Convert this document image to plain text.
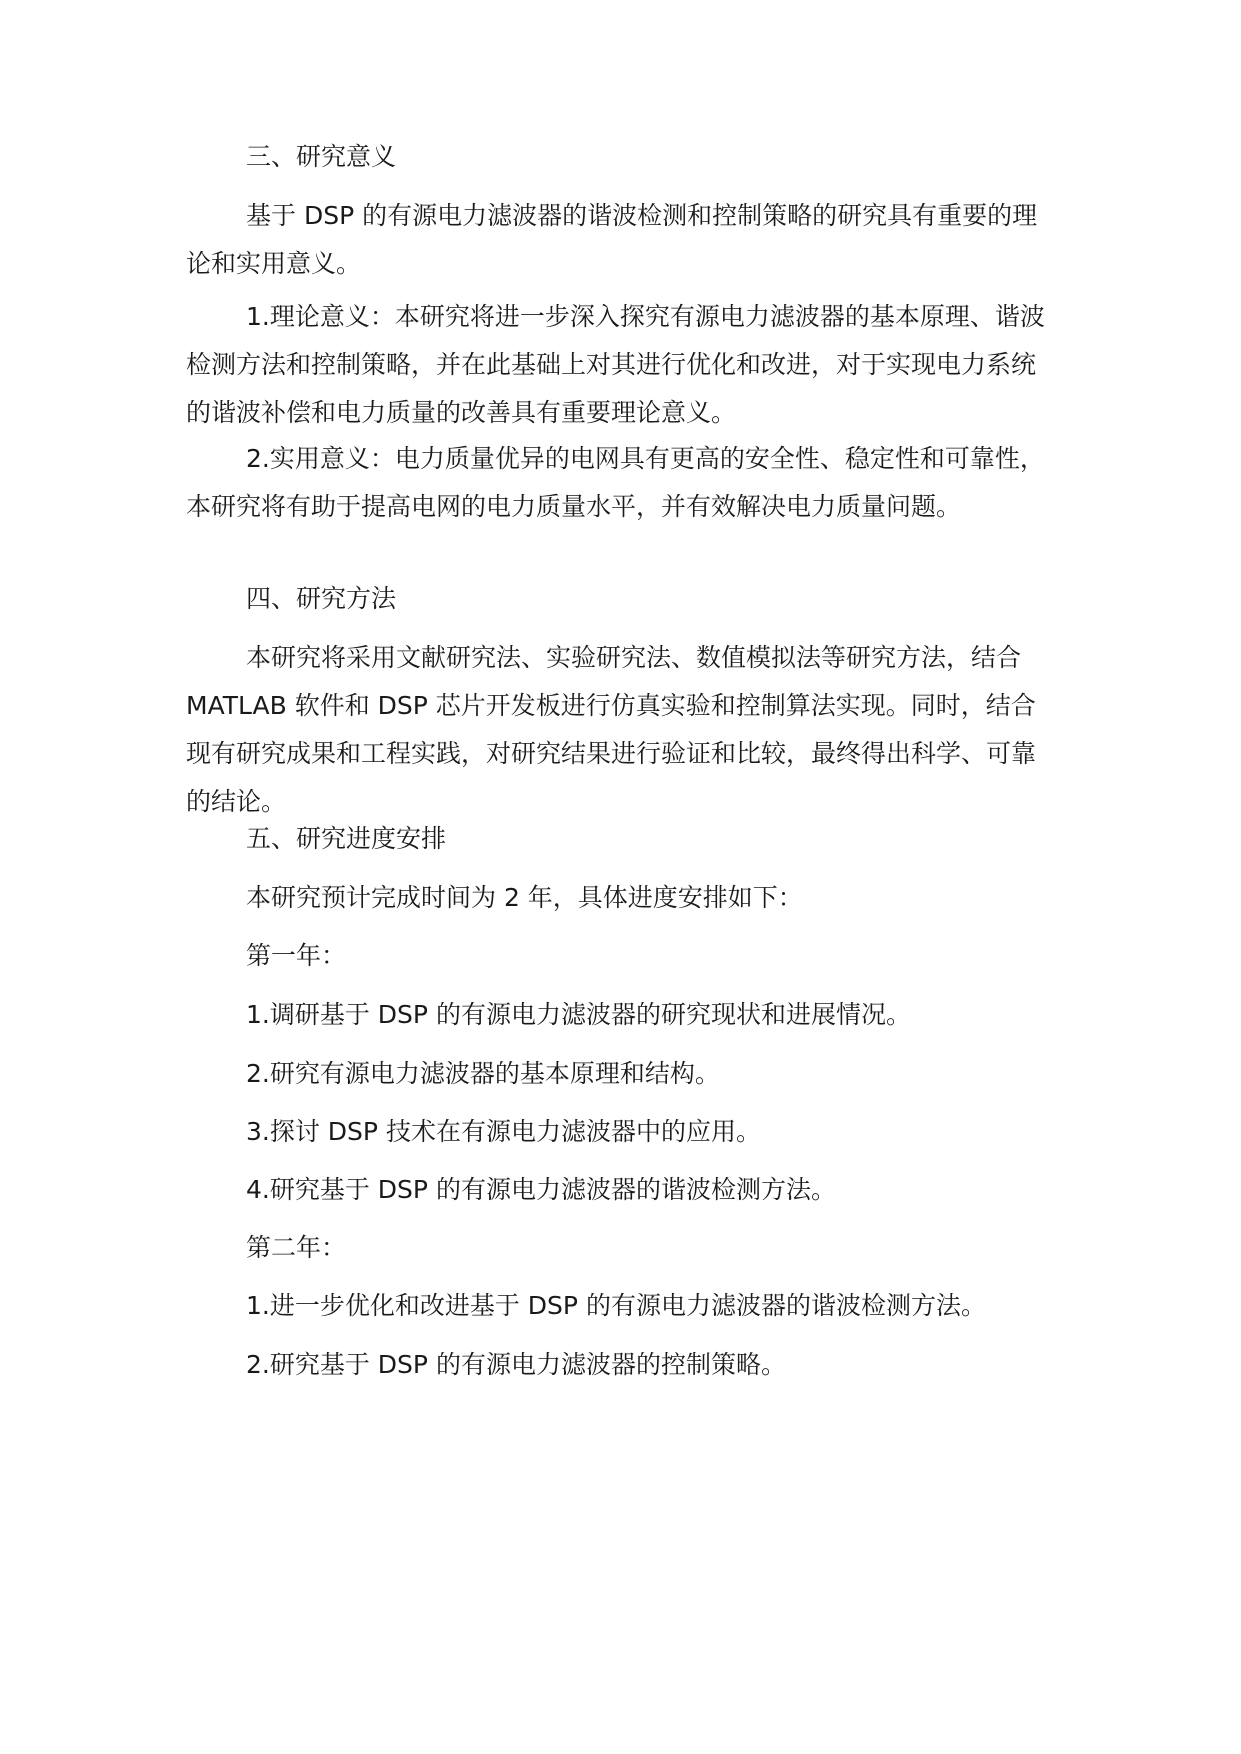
三、研究意义

基于 DSP 的有源电力滤波器的谐波检测和控制策略的研究具有重要的理论和实用意义。

1.理论意义：本研究将进一步深入探究有源电力滤波器的基本原理、谐波检测方法和控制策略，并在此基础上对其进行优化和改进，对于实现电力系统的谐波补偿和电力质量的改善具有重要理论意义。

2.实用意义：电力质量优异的电网具有更高的安全性、稳定性和可靠性，本研究将有助于提高电网的电力质量水平，并有效解决电力质量问题。

四、研究方法

本研究将采用文献研究法、实验研究法、数值模拟法等研究方法，结合 MATLAB 软件和 DSP 芯片开发板进行仿真实验和控制算法实现。同时，结合现有研究成果和工程实践，对研究结果进行验证和比较，最终得出科学、可靠的结论。

五、研究进度安排

本研究预计完成时间为 2 年，具体进度安排如下：

第一年：

1.调研基于 DSP 的有源电力滤波器的研究现状和进展情况。

2.研究有源电力滤波器的基本原理和结构。

3.探讨 DSP 技术在有源电力滤波器中的应用。

4.研究基于 DSP 的有源电力滤波器的谐波检测方法。

第二年：

1.进一步优化和改进基于 DSP 的有源电力滤波器的谐波检测方法。

2.研究基于 DSP 的有源电力滤波器的控制策略。
